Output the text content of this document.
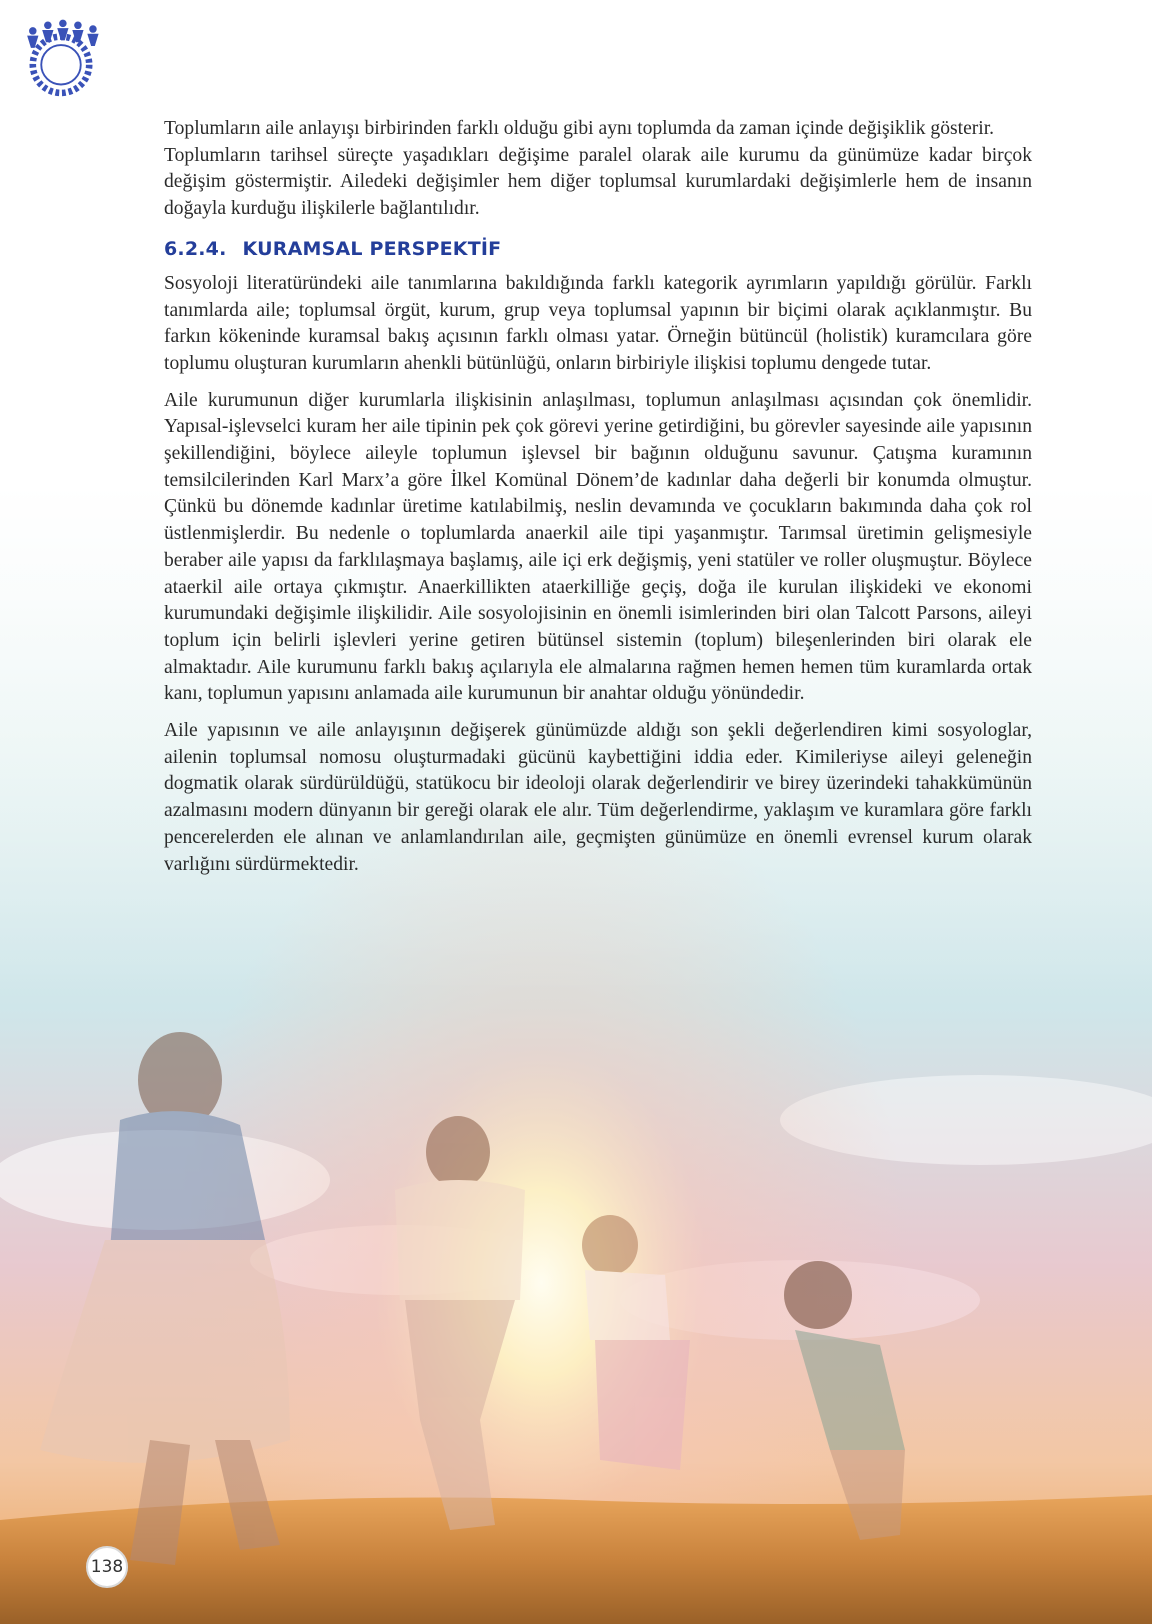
Toplumların aile anlayışı birbirinden farklı olduğu gibi aynı toplumda da zaman içinde değişiklik gösterir.

Toplumların tarihsel süreçte yaşadıkları değişime paralel olarak aile kurumu da günümüze kadar birçok değişim göstermiştir. Ailedeki değişimler hem diğer toplumsal kurumlardaki değişimlerle hem de insanın doğayla kurduğu ilişkilerle bağlantılıdır.

6.2.4. KURAMSAL PERSPEKTİF

Sosyoloji literatüründeki aile tanımlarına bakıldığında farklı kategorik ayrımların yapıldığı görülür. Farklı tanımlarda aile; toplumsal örgüt, kurum, grup veya toplumsal yapının bir biçimi olarak açıklanmıştır. Bu farkın kökeninde kuramsal bakış açısının farklı olması yatar. Örneğin bütüncül (holistik) kuramcılara göre toplumu oluşturan kurumların ahenkli bütünlüğü, onların birbiriyle ilişkisi toplumu dengede tutar.

Aile kurumunun diğer kurumlarla ilişkisinin anlaşılması, toplumun anlaşılması açısından çok önemlidir. Yapısal-işlevselci kuram her aile tipinin pek çok görevi yerine getirdiğini, bu görevler sayesinde aile yapısının şekillendiğini, böylece aileyle toplumun işlevsel bir bağının olduğunu savunur. Çatışma kuramının temsilcilerinden Karl Marx’a göre İlkel Komünal Dönem’de kadınlar daha değerli bir konumda olmuştur. Çünkü bu dönemde kadınlar üretime katılabilmiş, neslin devamında ve çocukların bakımında daha çok rol üstlenmişlerdir. Bu nedenle o toplumlarda anaerkil aile tipi yaşanmıştır. Tarımsal üretimin gelişmesiyle beraber aile yapısı da farklılaşmaya başlamış, aile içi erk değişmiş, yeni statüler ve roller oluşmuştur. Böylece ataerkil aile ortaya çıkmıştır. Anaerkillikten ataerkilliğe geçiş, doğa ile kurulan ilişkideki ve ekonomi kurumundaki değişimle ilişkilidir. Aile sosyolojisinin en önemli isimlerinden biri olan Talcott Parsons, aileyi toplum için belirli işlevleri yerine getiren bütünsel sistemin (toplum) bileşenlerinden biri olarak ele almaktadır. Aile kurumunu farklı bakış açılarıyla ele almalarına rağmen hemen hemen tüm kuramlarda ortak kanı, toplumun yapısını anlamada aile kurumunun bir anahtar olduğu yönündedir.

Aile yapısının ve aile anlayışının değişerek günümüzde aldığı son şekli değerlendiren kimi sosyologlar, ailenin toplumsal nomosu oluşturmadaki gücünü kaybettiğini iddia eder. Kimileriyse aileyi geleneğin dogmatik olarak sürdürüldüğü, statükocu bir ideoloji olarak değerlendirir ve birey üzerindeki tahakkümünün azalmasını modern dünyanın bir gereği olarak ele alır. Tüm değerlendirme, yaklaşım ve kuramlara göre farklı pencerelerden ele alınan ve anlamlandırılan aile, geçmişten günümüze en önemli evrensel kurum olarak varlığını sürdürmektedir.

138
